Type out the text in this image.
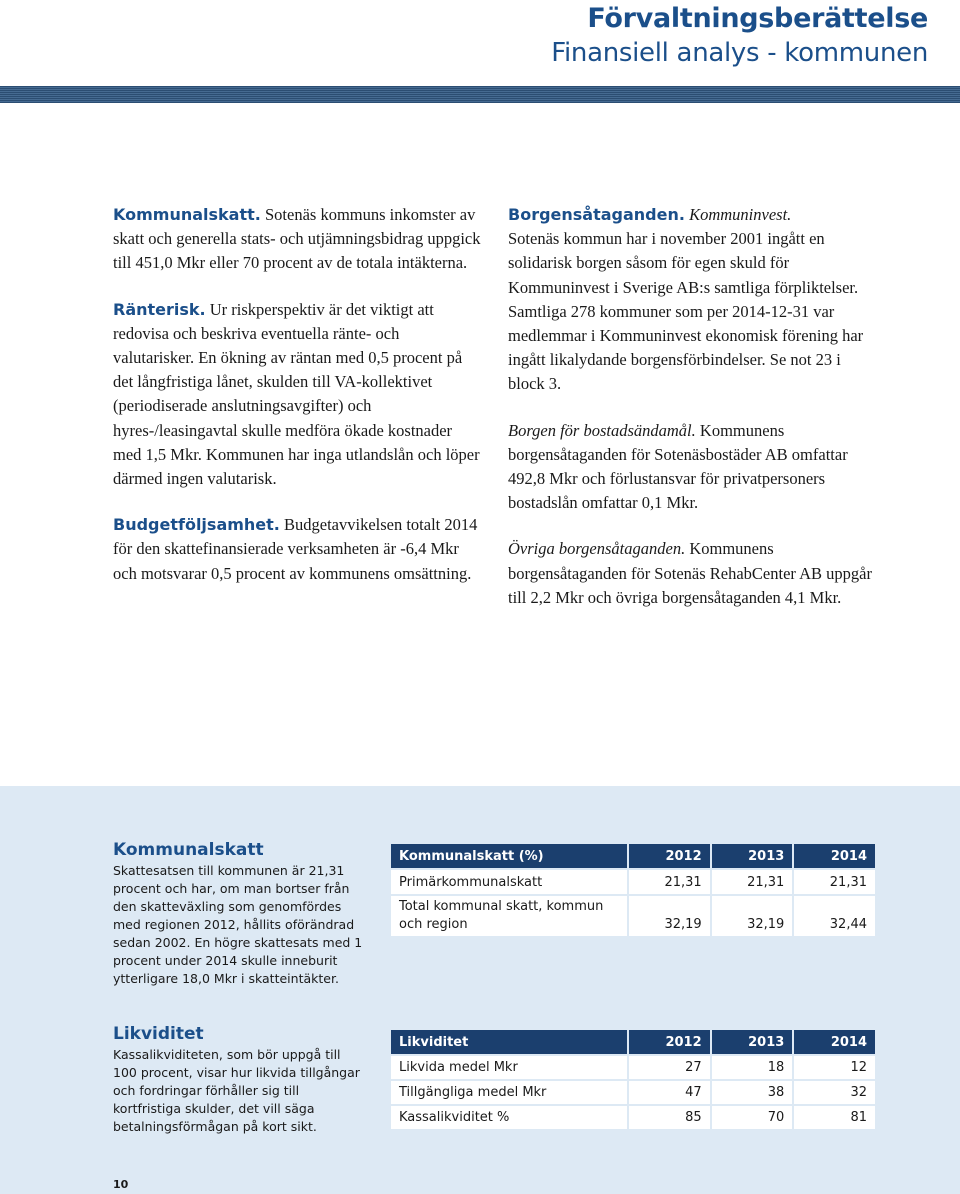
Förvaltningsberättelse
Finansiell analys - kommunen

Kommunalskatt. Sotenäs kommuns inkomster av skatt och generella stats- och utjämningsbidrag uppgick till 451,0 Mkr eller 70 procent av de totala intäkterna.

Ränterisk. Ur riskperspektiv är det viktigt att redovisa och beskriva eventuella ränte- och valutarisker. En ökning av räntan med 0,5 procent på det långfristiga lånet, skulden till VA-kollektivet (periodiserade anslutningsavgifter) och hyres-/leasingavtal skulle medföra ökade kostnader med 1,5 Mkr. Kommunen har inga utlandslån och löper därmed ingen valutarisk.

Budgetföljsamhet. Budgetavvikelsen totalt 2014 för den skattefinansierade verksamheten är -6,4 Mkr och motsvarar 0,5 procent av kommunens omsättning.

Borgensåtaganden. Kommuninvest.
Sotenäs kommun har i november 2001 ingått en solidarisk borgen såsom för egen skuld för Kommuninvest i Sverige AB:s samtliga förpliktelser. Samtliga 278 kommuner som per 2014-12-31 var medlemmar i Kommuninvest ekonomisk förening har ingått likalydande borgensförbindelser. Se not 23 i block 3.

Borgen för bostadsändamål. Kommunens borgensåtaganden för Sotenäsbostäder AB omfattar 492,8 Mkr och förlustansvar för privatpersoners bostadslån omfattar 0,1 Mkr.

Övriga borgensåtaganden. Kommunens borgensåtaganden för Sotenäs RehabCenter AB uppgår till 2,2 Mkr och övriga borgensåtaganden 4,1 Mkr.

Kommunalskatt
Skattesatsen till kommunen är 21,31 procent och har, om man bortser från den skatteväxling som genomfördes med regionen 2012, hållits oförändrad sedan 2002. En högre skattesats med 1 procent under 2014 skulle inneburit ytterligare 18,0 Mkr i skatteintäkter.
Kommunalskatt (%)	2012	2013	2014
Primärkommunalskatt	21,31	21,31	21,31
Total kommunal skatt, kommun och region	32,19	32,19	32,44
Likviditet
Kassalikviditeten, som bör uppgå till 100 procent, visar hur likvida tillgångar och fordringar förhåller sig till kortfristiga skulder, det vill säga betalningsförmågan på kort sikt.
Likviditet	2012	2013	2014
Likvida medel Mkr	27	18	12
Tillgängliga medel Mkr	47	38	32
Kassalikviditet %	85	70	81
10
